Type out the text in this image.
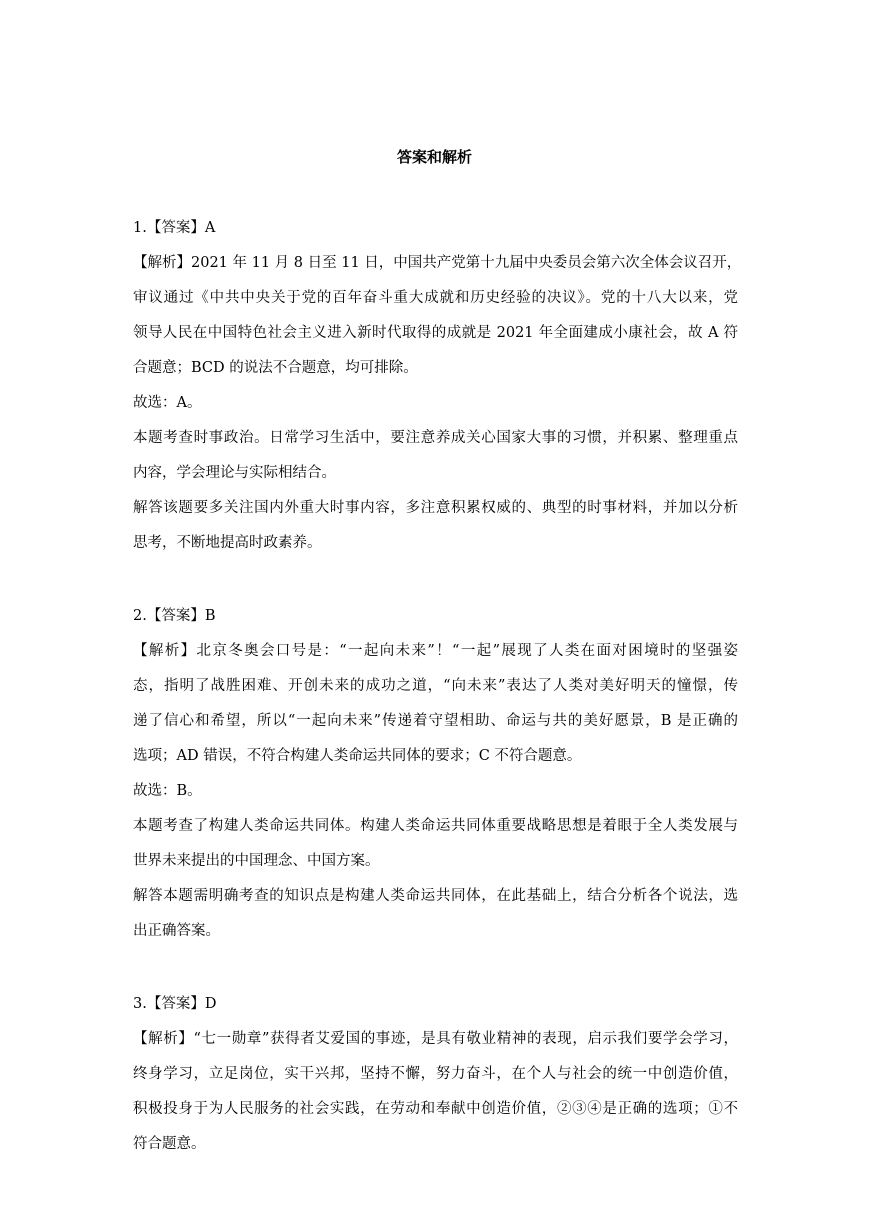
答案和解析
1.【答案】A
【解析】2021 年 11 月 8 日至 11 日，中国共产党第十九届中央委员会第六次全体会议召开，
审议通过《中共中央关于党的百年奋斗重大成就和历史经验的决议》。党的十八大以来，党
领导人民在中国特色社会主义进入新时代取得的成就是 2021 年全面建成小康社会，故 A 符
合题意；BCD 的说法不合题意，均可排除。
故选：A。
本题考查时事政治。日常学习生活中，要注意养成关心国家大事的习惯，并积累、整理重点
内容，学会理论与实际相结合。
解答该题要多关注国内外重大时事内容，多注意积累权威的、典型的时事材料，并加以分析
思考，不断地提高时政素养。
2.【答案】B
【解析】北京冬奥会口号是：“一起向未来”！“一起”展现了人类在面对困境时的坚强姿
态，指明了战胜困难、开创未来的成功之道，“向未来”表达了人类对美好明天的憧憬，传
递了信心和希望，所以“一起向未来”传递着守望相助、命运与共的美好愿景，B 是正确的
选项；AD 错误，不符合构建人类命运共同体的要求；C 不符合题意。
故选：B。
本题考查了构建人类命运共同体。构建人类命运共同体重要战略思想是着眼于全人类发展与
世界未来提出的中国理念、中国方案。
解答本题需明确考查的知识点是构建人类命运共同体，在此基础上，结合分析各个说法，选
出正确答案。
3.【答案】D
【解析】“七一勋章”获得者艾爱国的事迹，是具有敬业精神的表现，启示我们要学会学习，
终身学习，立足岗位，实干兴邦，坚持不懈，努力奋斗，在个人与社会的统一中创造价值，
积极投身于为人民服务的社会实践，在劳动和奉献中创造价值，②③④是正确的选项；①不
符合题意。
